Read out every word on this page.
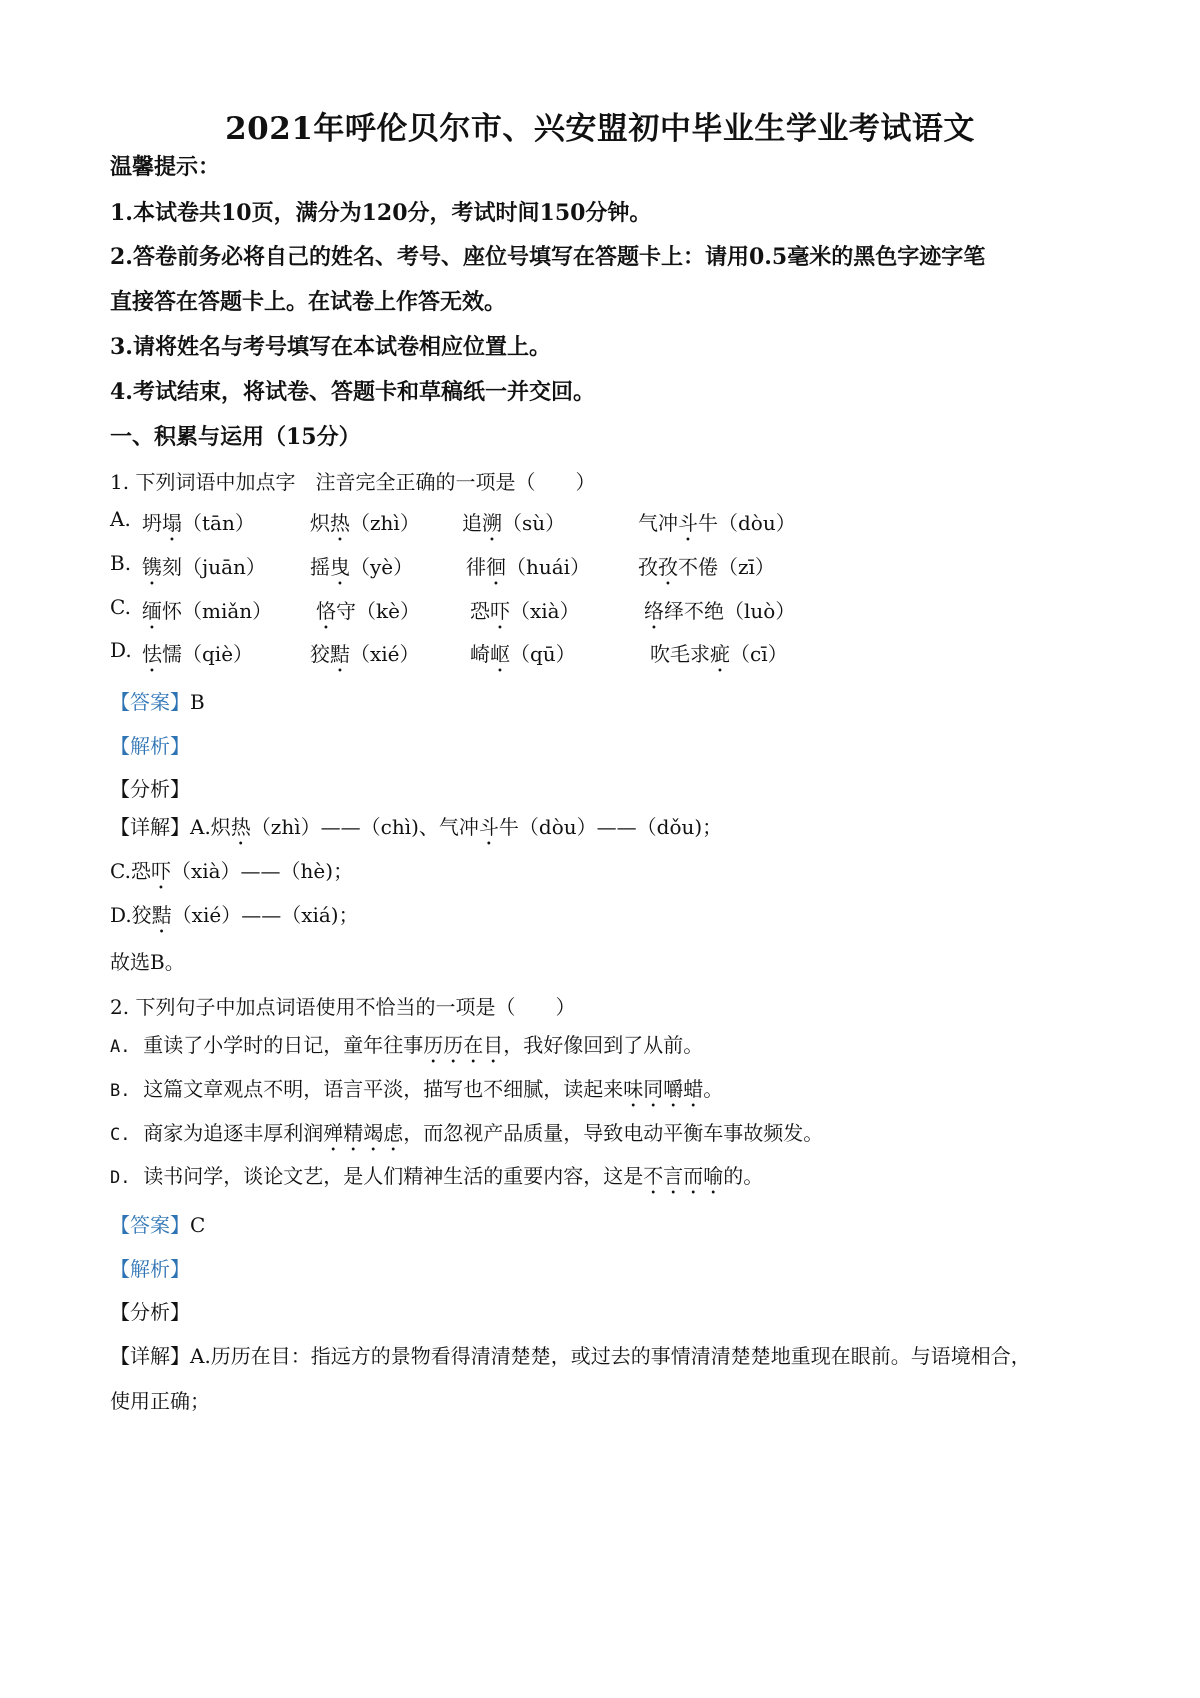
2021年呼伦贝尔市、兴安盟初中毕业生学业考试语文
温馨提示：
1.本试卷共10页，满分为120分，考试时间150分钟。
2.答卷前务必将自己的姓名、考号、座位号填写在答题卡上：请用0.5毫米的黑色字迹字笔
直接答在答题卡上。在试卷上作答无效。
3.请将姓名与考号填写在本试卷相应位置上。
4.考试结束，将试卷、答题卡和草稿纸一并交回。
一、积累与运用（15分）
1. 下列词语中加点字　注音完全正确的一项是（　　）
A. 坍塌（tān）	炽热（zhì） 追溯（sù）	气冲斗牛（dòu）
B. 镌刻（juān） 摇曳（yè）	徘徊（huái） 孜孜不倦（zī）
C. 缅怀（miǎn） 恪守（kè）	恐吓（xià）	络绎不绝（luò）
D. 怯懦（qiè）	狡黠（xié）	崎岖（qū）	吹毛求疵（cī）
【答案】B
【解析】
【分析】
【详解】A.炽热（zhì）——（chì)、气冲斗牛（dòu）——（dǒu)；
C.恐吓（xià）——（hè)；
D.狡黠（xié）——（xiá)；
故选B。
2. 下列句子中加点词语使用不恰当的一项是（　　）
A. 重读了小学时的日记，童年往事历历在目，我好像回到了从前。
B. 这篇文章观点不明，语言平淡，描写也不细腻，读起来味同嚼蜡。
C. 商家为追逐丰厚利润殚精竭虑，而忽视产品质量，导致电动平衡车事故频发。
D. 读书问学，谈论文艺，是人们精神生活的重要内容，这是不言而喻的。
【答案】C
【解析】
【分析】
【详解】A.历历在目：指远方的景物看得清清楚楚，或过去的事情清清楚楚地重现在眼前。与语境相合，
使用正确；
